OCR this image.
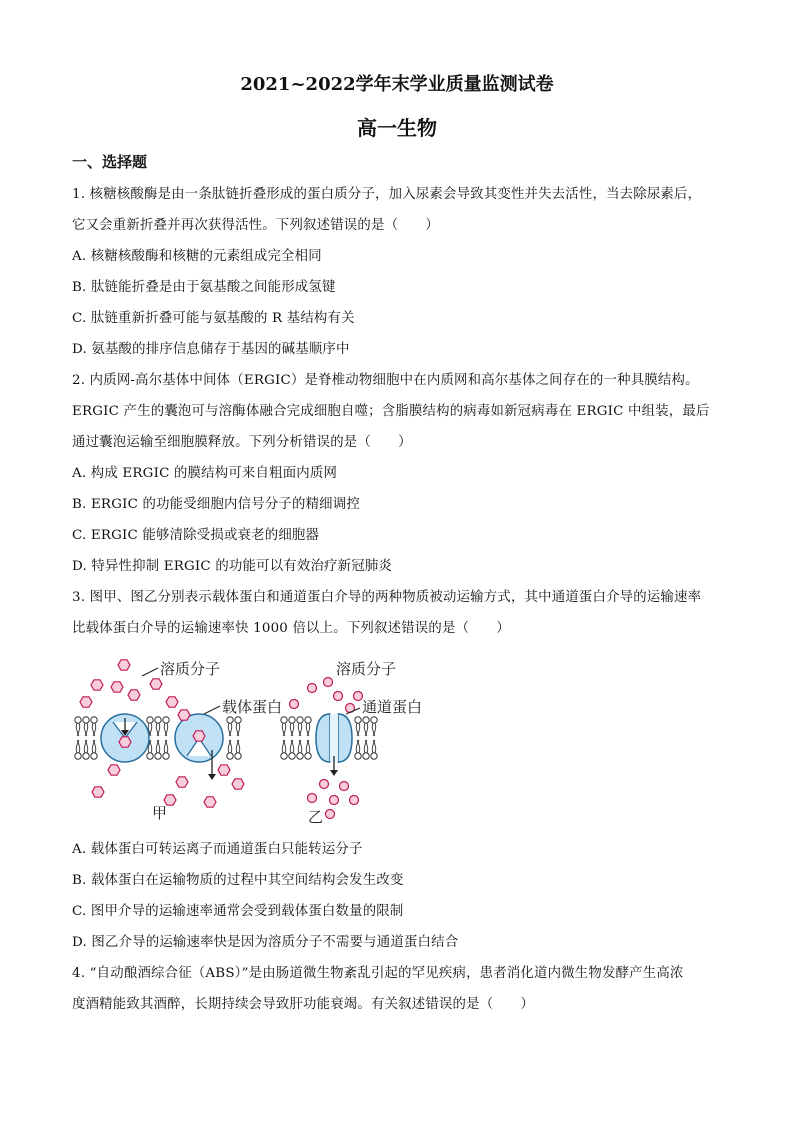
2021~2022学年末学业质量监测试卷
高一生物
一、选择题
1. 核糖核酸酶是由一条肽链折叠形成的蛋白质分子，加入尿素会导致其变性并失去活性，当去除尿素后，
它又会重新折叠并再次获得活性。下列叙述错误的是（　　）
A. 核糖核酸酶和核糖的元素组成完全相同
B. 肽链能折叠是由于氨基酸之间能形成氢键
C. 肽链重新折叠可能与氨基酸的 R 基结构有关
D. 氨基酸的排序信息储存于基因的碱基顺序中
2. 内质网-高尔基体中间体（ERGIC）是脊椎动物细胞中在内质网和高尔基体之间存在的一种具膜结构。
ERGIC 产生的囊泡可与溶酶体融合完成细胞自噬；含脂膜结构的病毒如新冠病毒在 ERGIC 中组装，最后
通过囊泡运输至细胞膜释放。下列分析错误的是（　　）
A. 构成 ERGIC 的膜结构可来自粗面内质网
B. ERGIC 的功能受细胞内信号分子的精细调控
C. ERGIC 能够清除受损或衰老的细胞器
D. 特异性抑制 ERGIC 的功能可以有效治疗新冠肺炎
3. 图甲、图乙分别表示载体蛋白和通道蛋白介导的两种物质被动运输方式，其中通道蛋白介导的运输速率
比载体蛋白介导的运输速率快 1000 倍以上。下列叙述错误的是（　　）
溶质分子
载体蛋白
甲
溶质分子
通道蛋白
乙
A. 载体蛋白可转运离子而通道蛋白只能转运分子
B. 载体蛋白在运输物质的过程中其空间结构会发生改变
C. 图甲介导的运输速率通常会受到载体蛋白数量的限制
D. 图乙介导的运输速率快是因为溶质分子不需要与通道蛋白结合
4. “自动酿酒综合征（ABS）”是由肠道微生物紊乱引起的罕见疾病，患者消化道内微生物发酵产生高浓
度酒精能致其酒醉，长期持续会导致肝功能衰竭。有关叙述错误的是（　　）
